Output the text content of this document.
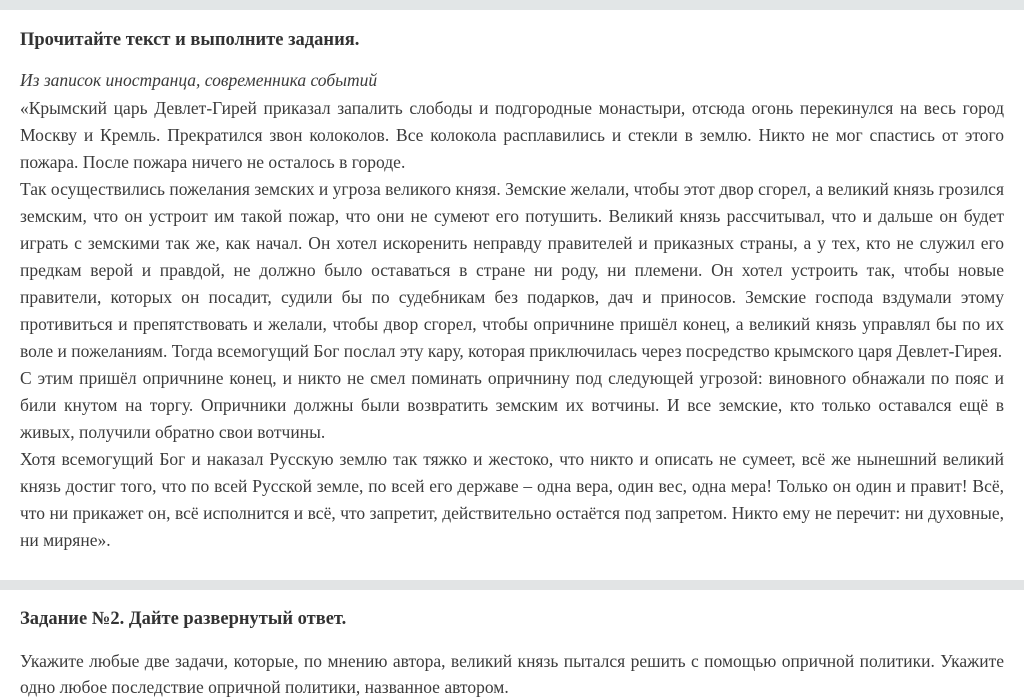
Прочитайте текст и выполните задания.

Из записок иностранца, современника событий

«Крымский царь Девлет-Гирей приказал запалить слободы и подгородные монастыри, отсюда огонь перекинулся на весь город Москву и Кремль. Прекратился звон колоколов. Все колокола расплавились и стекли в землю. Никто не мог спастись от этого пожара. После пожара ничего не осталось в городе.

Так осуществились пожелания земских и угроза великого князя. Земские желали, чтобы этот двор сгорел, а великий князь грозился земским, что он устроит им такой пожар, что они не сумеют его потушить. Великий князь рассчитывал, что и дальше он будет играть с земскими так же, как начал. Он хотел искоренить неправду правителей и приказных страны, а у тех, кто не служил его предкам верой и правдой, не должно было оставаться в стране ни роду, ни племени. Он хотел устроить так, чтобы новые правители, которых он посадит, судили бы по судебникам без подарков, дач и приносов. Земские господа вздумали этому противиться и препятствовать и желали, чтобы двор сгорел, чтобы опричнине пришёл конец, а великий князь управлял бы по их воле и пожеланиям. Тогда всемогущий Бог послал эту кару, которая приключилась через посредство крымского царя Девлет-Гирея.

С этим пришёл опричнине конец, и никто не смел поминать опричнину под следующей угрозой: виновного обнажали по пояс и били кнутом на торгу. Опричники должны были возвратить земским их вотчины. И все земские, кто только оставался ещё в живых, получили обратно свои вотчины.

Хотя всемогущий Бог и наказал Русскую землю так тяжко и жестоко, что никто и описать не сумеет, всё же нынешний великий князь достиг того, что по всей Русской земле, по всей его державе – одна вера, один вес, одна мера! Только он один и правит! Всё, что ни прикажет он, всё исполнится и всё, что запретит, действительно остаётся под запретом. Никто ему не перечит: ни духовные, ни миряне».

Задание №2. Дайте развернутый ответ.

Укажите любые две задачи, которые, по мнению автора, великий князь пытался решить с помощью опричной политики. Укажите одно любое последствие опричной политики, названное автором.
